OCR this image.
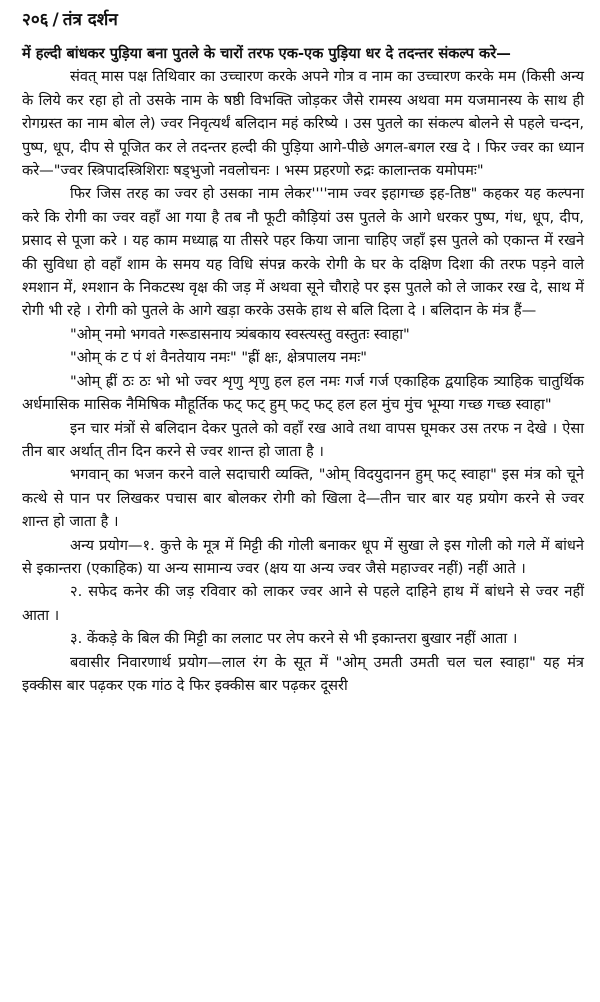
२०६ / तंत्र दर्शन

में हल्दी बांधकर पुड़िया बना पुतले के चारों तरफ एक-एक पुड़िया धर दे तदन्तर संकल्प करे—

संवत् मास पक्ष तिथिवार का उच्चारण करके अपने गोत्र व नाम का उच्चारण करके मम (किसी अन्य के लिये कर रहा हो तो उसके नाम के षष्ठी विभक्ति जोड़कर जैसे रामस्य अथवा मम यजमानस्य के साथ ही रोगग्रस्त का नाम बोल ले) ज्वर निवृत्यर्थं बलिदान महं करिष्ये । उस पुतले का संकल्प बोलने से पहले चन्दन, पुष्प, धूप, दीप से पूजित कर ले तदन्तर हल्दी की पुड़िया आगे-पीछे अगल-बगल रख दे । फिर ज्वर का ध्यान करे—"ज्वर स्त्रिपादस्त्रिशिराः षड्भुजो नवलोचनः । भस्म प्रहरणो रुद्रः कालान्तक यमोपमः"

फिर जिस तरह का ज्वर हो उसका नाम लेकर''''नाम ज्वर इहागच्छ इह-तिष्ठ" कहकर यह कल्पना करे कि रोगी का ज्वर वहाँ आ गया है तब नौ फूटी कौड़ियां उस पुतले के आगे धरकर पुष्प, गंध, धूप, दीप, प्रसाद से पूजा करे । यह काम मध्याह्न या तीसरे पहर किया जाना चाहिए जहाँ इस पुतले को एकान्त में रखने की सुविधा हो वहाँ शाम के समय यह विधि संपन्न करके रोगी के घर के दक्षिण दिशा की तरफ पड़ने वाले श्मशान में, श्मशान के निकटस्थ वृक्ष की जड़ में अथवा सूने चौराहे पर इस पुतले को ले जाकर रख दे, साथ में रोगी भी रहे । रोगी को पुतले के आगे खड़ा करके उसके हाथ से बलि दिला दे । बलिदान के मंत्र हैं—

"ओम् नमो भगवते गरूडासनाय त्र्यंबकाय स्वस्त्यस्तु वस्तुतः स्वाहा"

"ओम् कं ट पं शं वैनतेयाय नमः" "ह्रीं क्षः, क्षेत्रपालय नमः"

"ओम् ह्रीं ठः ठः भो भो ज्वर शृणु शृणु हल हल नमः गर्ज गर्ज एकाहिक द्वयाहिक त्र्याहिक चातुर्थिक अर्धमासिक मासिक नैमिषिक मौहूर्तिक फट् फट् हुम् फट् फट् हल हल मुंच मुंच भूम्या गच्छ गच्छ स्वाहा"

इन चार मंत्रों से बलिदान देकर पुतले को वहाँ रख आवे तथा वापस घूमकर उस तरफ न देखे । ऐसा तीन बार अर्थात् तीन दिन करने से ज्वर शान्त हो जाता है ।

भगवान् का भजन करने वाले सदाचारी व्यक्ति, "ओम् विदयुदानन हुम् फट् स्वाहा" इस मंत्र को चूने कत्थे से पान पर लिखकर पचास बार बोलकर रोगी को खिला दे—तीन चार बार यह प्रयोग करने से ज्वर शान्त हो जाता है ।

अन्य प्रयोग—१. कुत्ते के मूत्र में मिट्टी की गोली बनाकर धूप में सुखा ले इस गोली को गले में बांधने से इकान्तरा (एकाहिक) या अन्य सामान्य ज्वर (क्षय या अन्य ज्वर जैसे महाज्वर नहीं) नहीं आते ।

२. सफेद कनेर की जड़ रविवार को लाकर ज्वर आने से पहले दाहिने हाथ में बांधने से ज्वर नहीं आता ।

३. केंकड़े के बिल की मिट्टी का ललाट पर लेप करने से भी इकान्तरा बुखार नहीं आता ।

बवासीर निवारणार्थ प्रयोग—लाल रंग के सूत में "ओम् उमती उमती चल चल स्वाहा" यह मंत्र इक्कीस बार पढ़कर एक गांठ दे फिर इक्कीस बार पढ़कर दूसरी
